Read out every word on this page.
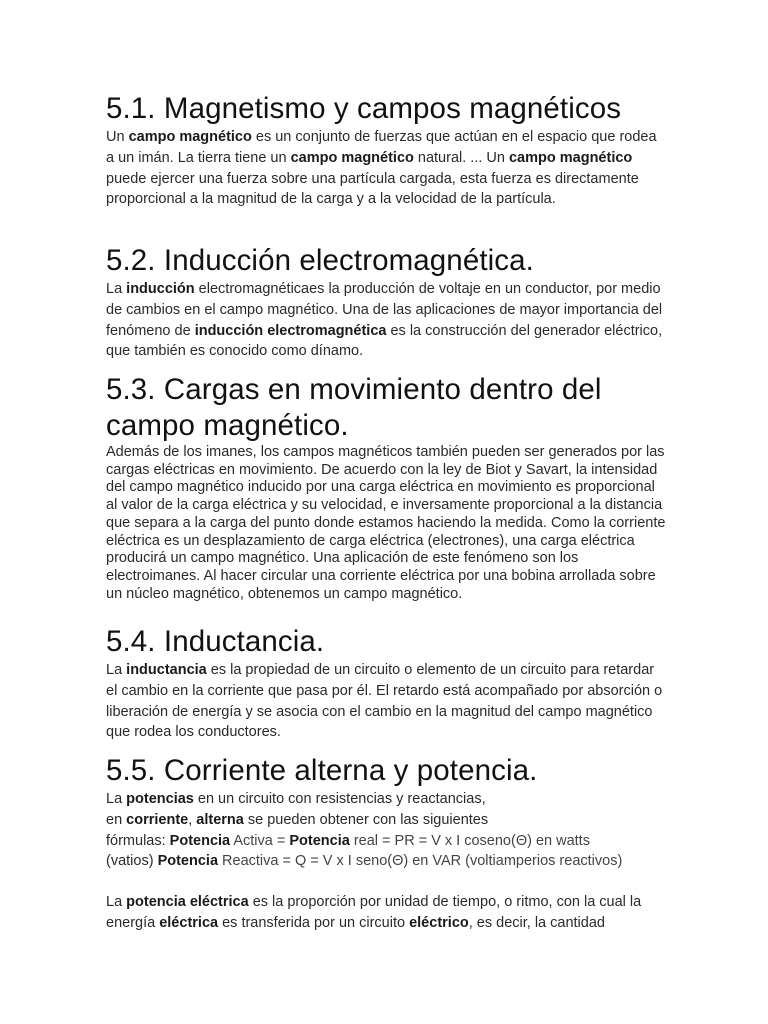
5.1. Magnetismo y campos magnéticos

Un campo magnético es un conjunto de fuerzas que actúan en el espacio que rodea a un imán. La tierra tiene un campo magnético natural. ... Un campo magnético puede ejercer una fuerza sobre una partícula cargada, esta fuerza es directamente proporcional a la magnitud de la carga y a la velocidad de la partícula.

5.2. Inducción electromagnética.

La inducción electromagnéticaes la producción de voltaje en un conductor, por medio de cambios en el campo magnético. Una de las aplicaciones de mayor importancia del fenómeno de inducción electromagnética es la construcción del generador eléctrico, que también es conocido como dínamo.

5.3. Cargas en movimiento dentro del
campo magnético.

Además de los imanes, los campos magnéticos también pueden ser generados por las cargas eléctricas en movimiento. De acuerdo con la ley de Biot y Savart, la intensidad del campo magnético inducido por una carga eléctrica en movimiento es proporcional al valor de la carga eléctrica y su velocidad, e inversamente proporcional a la distancia que separa a la carga del punto donde estamos haciendo la medida. Como la corriente eléctrica es un desplazamiento de carga eléctrica (electrones), una carga eléctrica producirá un campo magnético. Una aplicación de este fenómeno son los electroimanes. Al hacer circular una corriente eléctrica por una bobina arrollada sobre un núcleo magnético, obtenemos un campo magnético.

5.4. Inductancia.

La inductancia es la propiedad de un circuito o elemento de un circuito para retardar el cambio en la corriente que pasa por él. El retardo está acompañado por absorción o liberación de energía y se asocia con el cambio en la magnitud del campo magnético que rodea los conductores.

5.5. Corriente alterna y potencia.

La potencias en un circuito con resistencias y reactancias,
en corriente, alterna se pueden obtener con las siguientes
fórmulas: Potencia Activa = Potencia real = PR = V x I coseno(Θ) en watts
(vatios) Potencia Reactiva = Q = V x I seno(Θ) en VAR (voltiamperios reactivos)

La potencia eléctrica es la proporción por unidad de tiempo, o ritmo, con la cual la energía eléctrica es transferida por un circuito eléctrico, es decir, la cantidad
